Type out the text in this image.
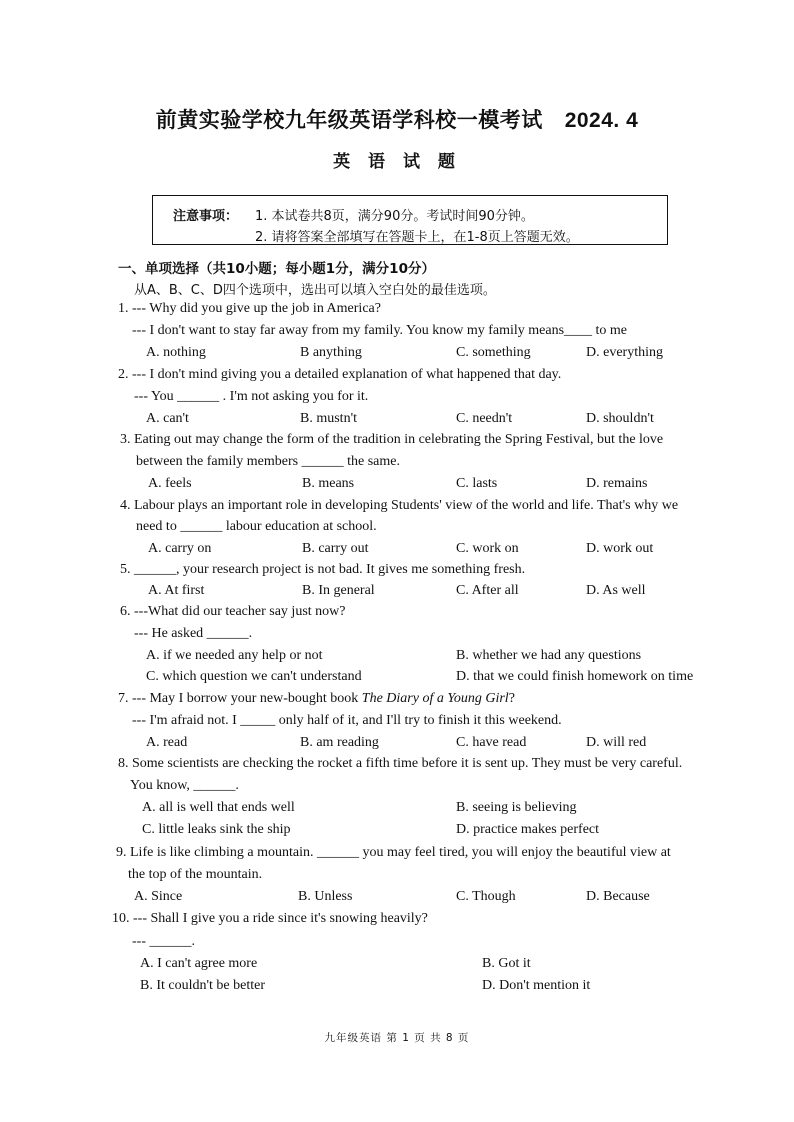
前黄实验学校九年级英语学科校一模考试 2024. 4
英 语 试 题
注意事项： 1. 本试卷共8页，满分90分。考试时间90分钟。
2. 请将答案全部填写在答题卡上，在1-8页上答题无效。
一、单项选择（共10小题；每小题1分，满分10分）
从A、B、C、D四个选项中，选出可以填入空白处的最佳选项。
1. --- Why did you give up the job in America?
--- I don't want to stay far away from my family. You know my family means____ to me
A. nothing	B anything	C. something	D. everything
2. --- I don't mind giving you a detailed explanation of what happened that day.
--- You ______ . I'm not asking you for it.
A. can't	B. mustn't	C. needn't	D. shouldn't
3. Eating out may change the form of the tradition in celebrating the Spring Festival, but the love
between the family members ______ the same.
A. feels	B. means	C. lasts	D. remains
4. Labour plays an important role in developing Students' view of the world and life. That's why we
need to ______ labour education at school.
A. carry on	B. carry out	C. work on	D. work out
5. ______, your research project is not bad. It gives me something fresh.
A. At first	B. In general	C. After all	D. As well
6. ---What did our teacher say just now?
--- He asked ______.
A. if we needed any help or not	B. whether we had any questions
C. which question we can't understand	D. that we could finish homework on time
7. --- May I borrow your new-bought book The Diary of a Young Girl?
--- I'm afraid not. I _____ only half of it, and I'll try to finish it this weekend.
A. read	B. am reading	C. have read	D. will red
8. Some scientists are checking the rocket a fifth time before it is sent up. They must be very careful.
You know, ______.
A. all is well that ends well	B. seeing is believing
C. little leaks sink the ship	D. practice makes perfect
9. Life is like climbing a mountain. ______ you may feel tired, you will enjoy the beautiful view at
the top of the mountain.
A. Since	B. Unless	C. Though	D. Because
10. --- Shall I give you a ride since it's snowing heavily?
--- ______.
A. I can't agree more	B. Got it
B. It couldn't be better	D. Don't mention it
九年级英语 第 1 页 共 8 页
